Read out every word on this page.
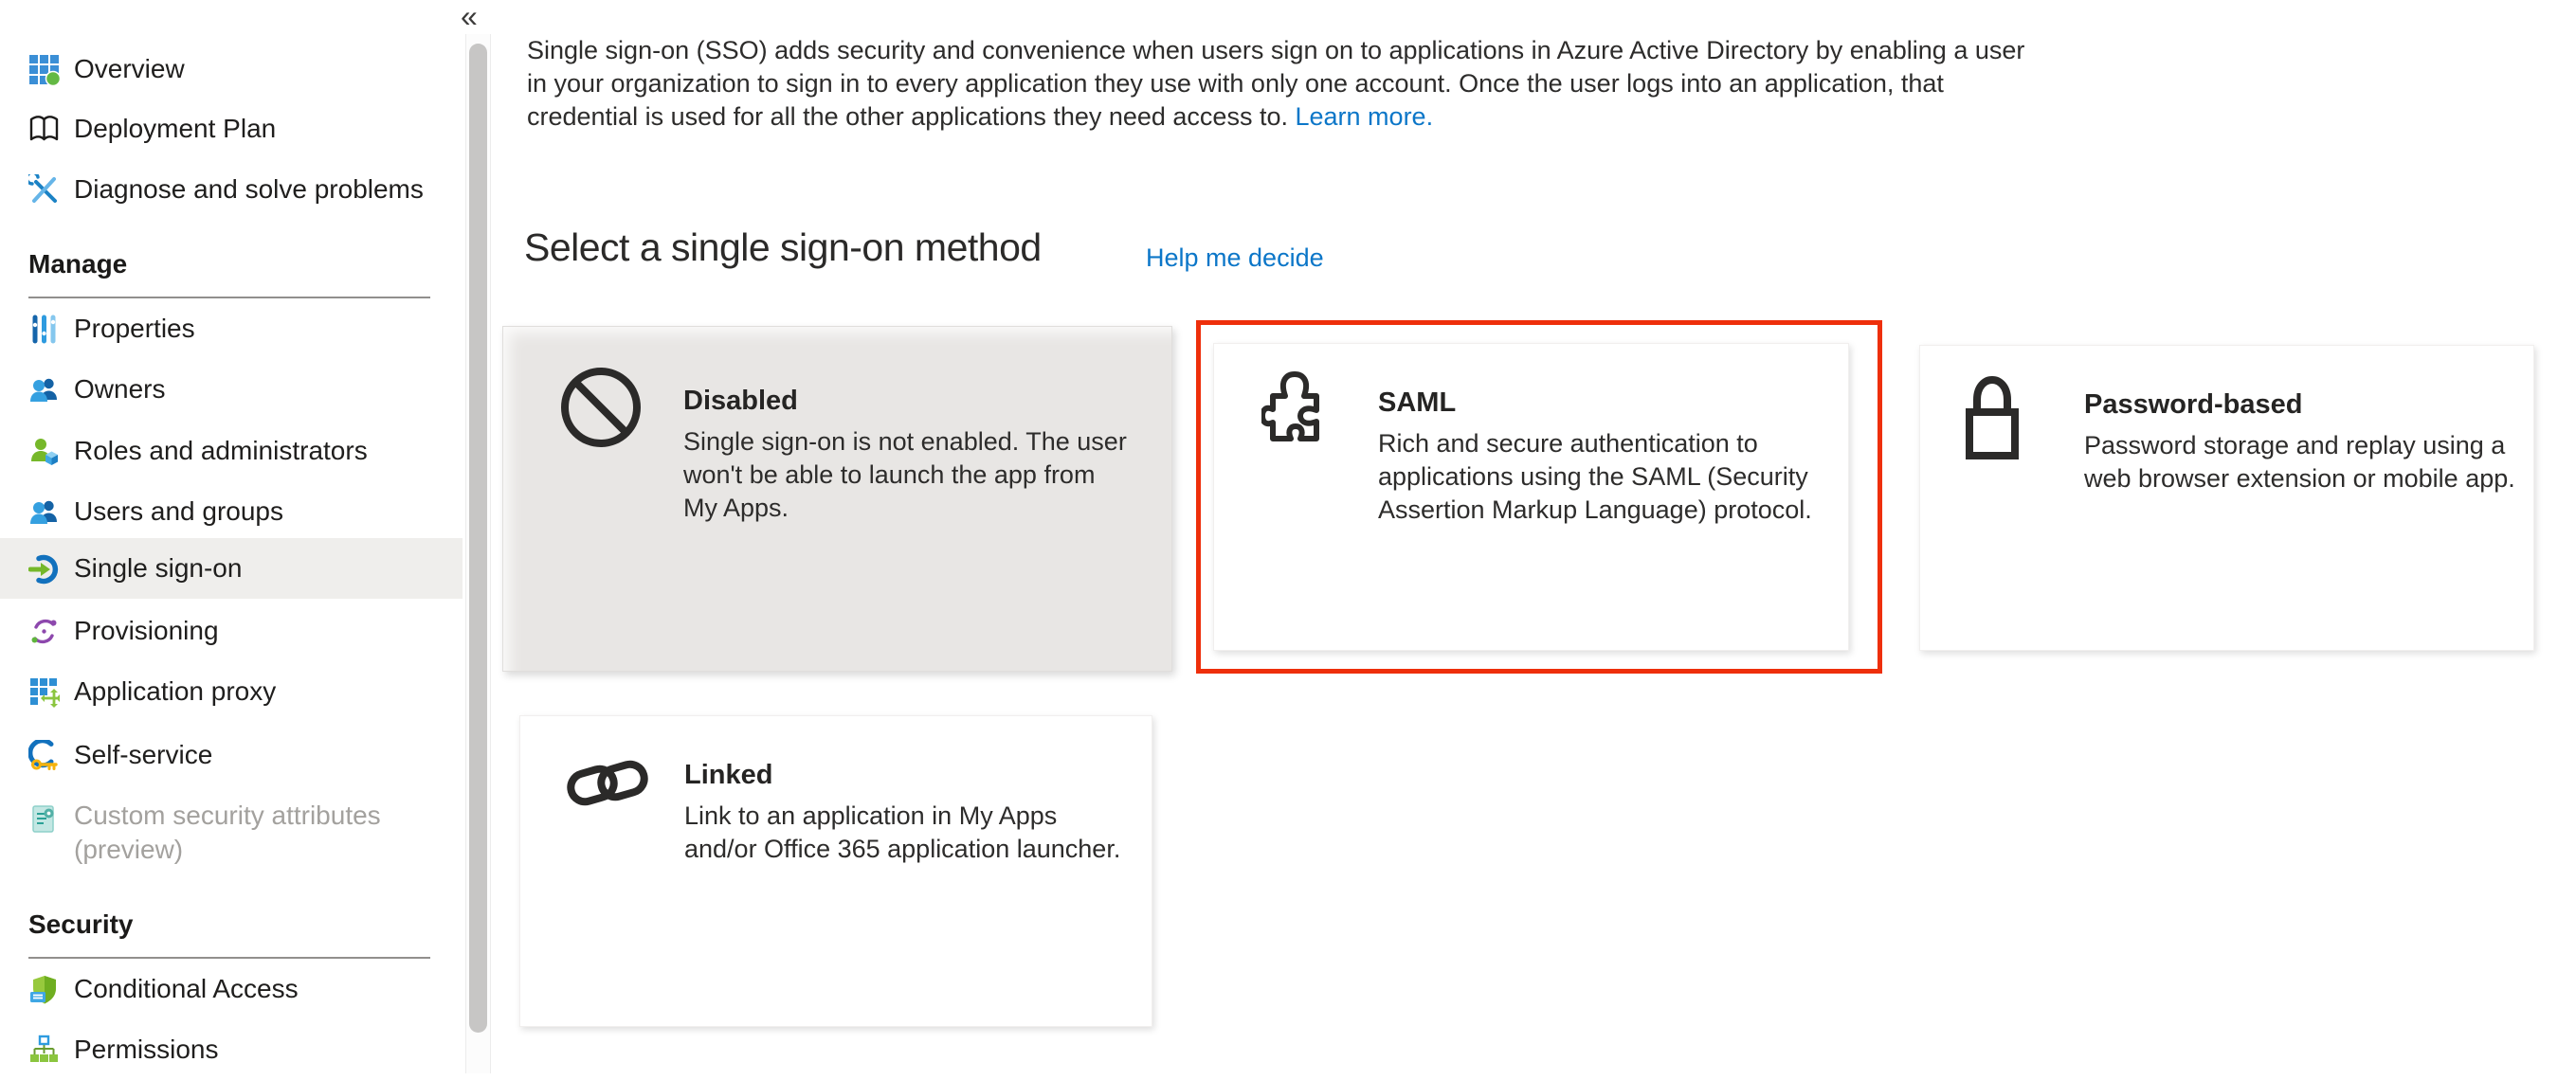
Overview
Deployment Plan
Diagnose and solve problems
Manage
Properties
Owners
Roles and administrators
Users and groups
Single sign-on
Provisioning
Application proxy
Self-service
Custom security attributes
(preview)
Security
Conditional Access
Permissions
«
Single sign-on (SSO) adds security and convenience when users sign on to applications in Azure Active Directory by enabling a user
in your organization to sign in to every application they use with only one account. Once the user logs into an application, that
credential is used for all the other applications they need access to. Learn more.
Select a single sign-on method	Help me decide
Disabled
Single sign-on is not enabled. The user
won't be able to launch the app from
My Apps.
SAML
Rich and secure authentication to
applications using the SAML (Security
Assertion Markup Language) protocol.
Password-based
Password storage and replay using a
web browser extension or mobile app.
Linked
Link to an application in My Apps
and/or Office 365 application launcher.
